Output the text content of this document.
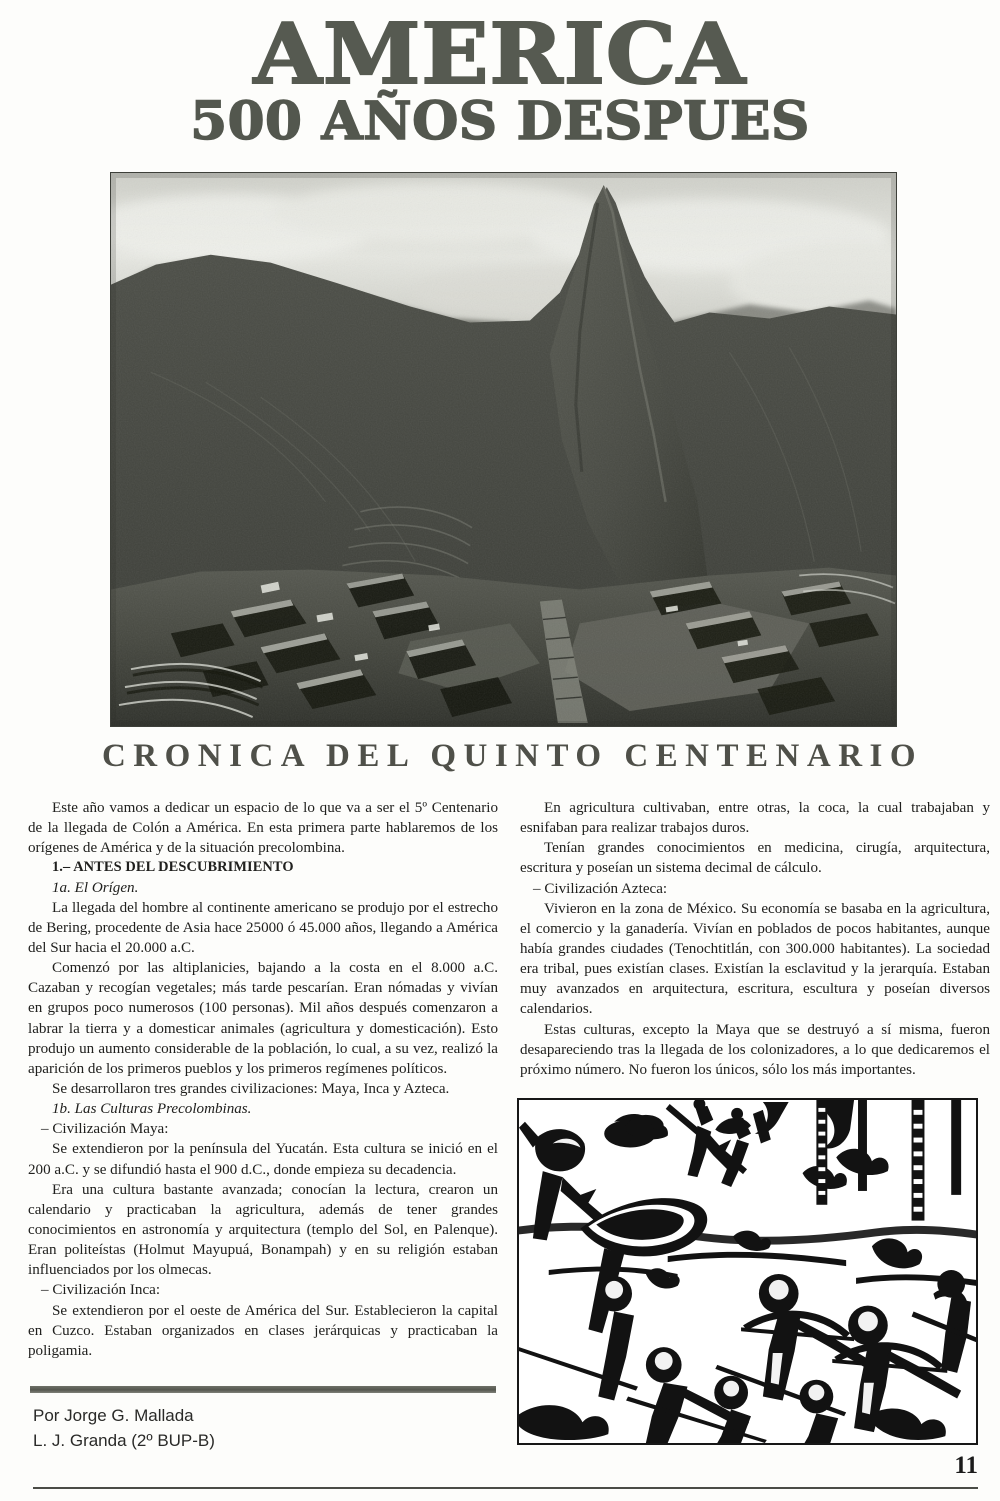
AMERICA
500 AÑOS DESPUES
CRONICA DEL QUINTO CENTENARIO

Este año vamos a dedicar un espacio de lo que va a ser el 5º Centenario de la llegada de Colón a América. En esta primera parte hablaremos de los orígenes de América y de la situación precolombina.

1.– ANTES DEL DESCUBRIMIENTO

1a. El Orígen.

La llegada del hombre al continente americano se produjo por el estrecho de Bering, procedente de Asia hace 25000 ó 45.000 años, llegando a América del Sur hacia el 20.000 a.C.

Comenzó por las altiplanicies, bajando a la costa en el 8.000 a.C. Cazaban y recogían vegetales; más tarde pescarían. Eran nómadas y vivían en grupos poco numerosos (100 personas). Mil años después comenzaron a labrar la tierra y a domesticar animales (agricultura y domesticación). Esto produjo un aumento considerable de la población, lo cual, a su vez, realizó la aparición de los primeros pueblos y los primeros regímenes políticos.

Se desarrollaron tres grandes civilizaciones: Maya, Inca y Azteca.

1b. Las Culturas Precolombinas.

– Civilización Maya:

Se extendieron por la península del Yucatán. Esta cultura se inició en el 200 a.C. y se difundió hasta el 900 d.C., donde empieza su decadencia.

Era una cultura bastante avanzada; conocían la lectura, crearon un calendario y practicaban la agricultura, además de tener grandes conocimientos en astronomía y arquitectura (templo del Sol, en Palenque). Eran politeístas (Holmut Mayupuá, Bonampah) y en su religión estaban influenciados por los olmecas.

– Civilización Inca:

Se extendieron por el oeste de América del Sur. Establecieron la capital en Cuzco. Estaban organizados en clases jerárquicas y practicaban la poligamia.

En agricultura cultivaban, entre otras, la coca, la cual trabajaban y esnifaban para realizar trabajos duros.

Tenían grandes conocimientos en medicina, cirugía, arquitectura, escritura y poseían un sistema decimal de cálculo.

– Civilización Azteca:

Vivieron en la zona de México. Su economía se basaba en la agricultura, el comercio y la ganadería. Vivían en poblados de pocos habitantes, aunque había grandes ciudades (Tenochtitlán, con 300.000 habitantes). La sociedad era tribal, pues existían clases. Existían la esclavitud y la jerarquía. Estaban muy avanzados en arquitectura, escritura, escultura y poseían diversos calendarios.

Estas culturas, excepto la Maya que se destruyó a sí misma, fueron desapareciendo tras la llegada de los colonizadores, a lo que dedicaremos el próximo número. No fueron los únicos, sólo los más importantes.

Por Jorge G. Mallada
L. J. Granda (2º BUP-B)
11
